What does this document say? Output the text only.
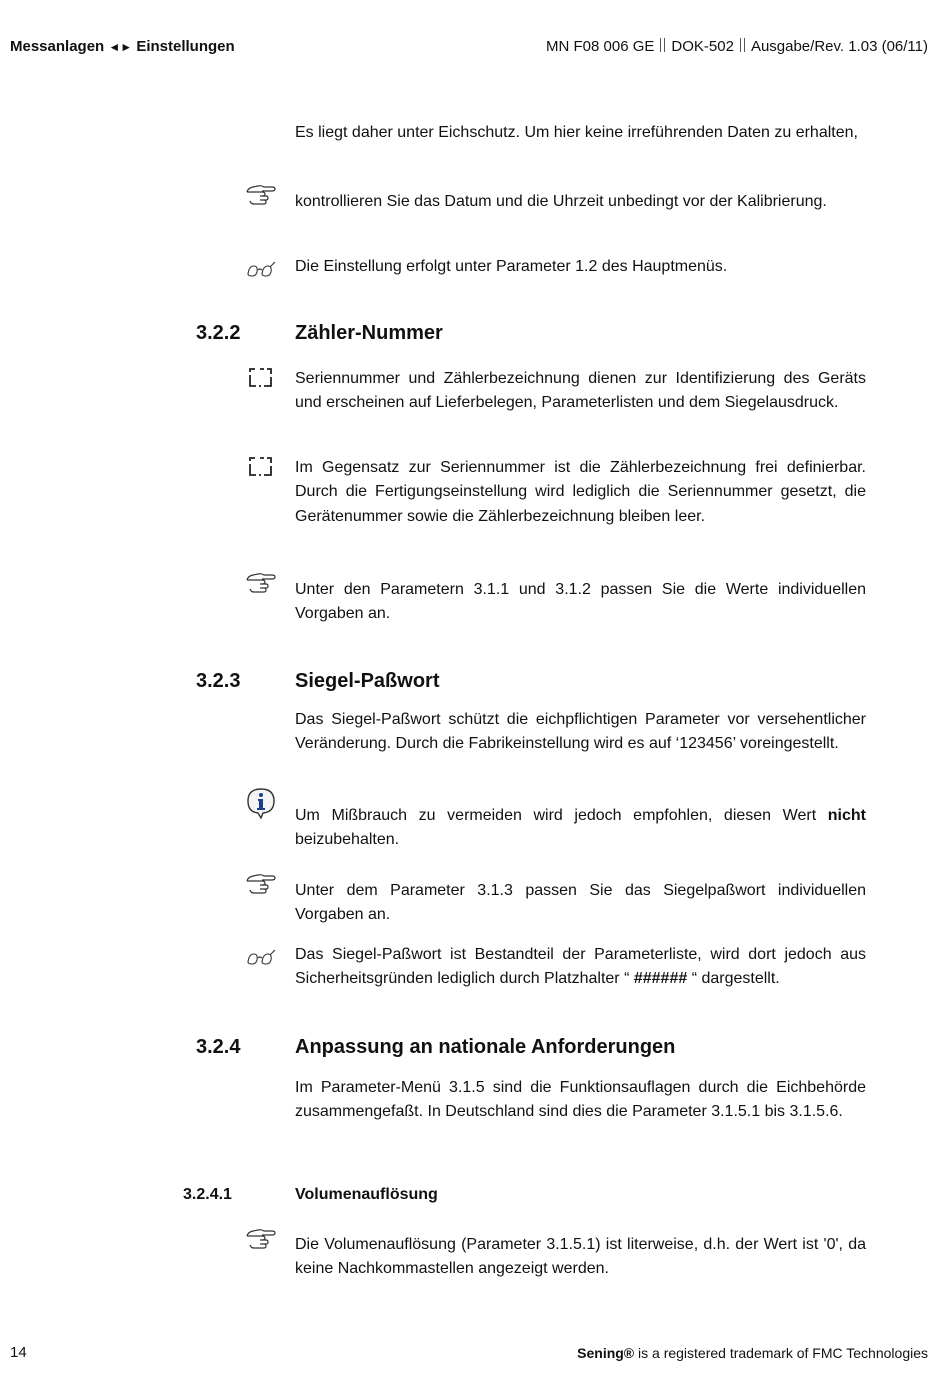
Messanlagen ◄► Einstellungen	MN F08 006 GE DOK-502 Ausgabe/Rev. 1.03 (06/11)
Es liegt daher unter Eichschutz. Um hier keine irreführenden Daten zu erhalten,
kontrollieren Sie das Datum und die Uhrzeit unbedingt vor der Kalibrierung.
Die Einstellung erfolgt unter Parameter 1.2 des Hauptmenüs.
3.2.2	Zähler-Nummer
Seriennummer und Zählerbezeichnung dienen zur Identifizierung des Geräts und erscheinen auf Lieferbelegen, Parameterlisten und dem Siegelausdruck.
Im Gegensatz zur Seriennummer ist die Zählerbezeichnung frei definierbar. Durch die Fertigungseinstellung wird lediglich die Seriennummer gesetzt, die Gerätenummer sowie die Zählerbezeichnung bleiben leer.
Unter den Parametern 3.1.1 und 3.1.2 passen Sie die Werte individuellen Vorgaben an.
3.2.3	Siegel-Paßwort
Das Siegel-Paßwort schützt die eichpflichtigen Parameter vor versehentlicher Veränderung. Durch die Fabrikeinstellung wird es auf ‘123456’ voreingestellt.
Um Mißbrauch zu vermeiden wird jedoch empfohlen, diesen Wert nicht beizubehalten.
Unter dem Parameter 3.1.3 passen Sie das Siegelpaßwort individuellen Vorgaben an.
Das Siegel-Paßwort ist Bestandteil der Parameterliste, wird dort jedoch aus Sicherheitsgründen lediglich durch Platzhalter “ ###### “ dargestellt.
3.2.4	Anpassung an nationale Anforderungen
Im Parameter-Menü 3.1.5 sind die Funktionsauflagen durch die Eichbehörde zusammengefaßt. In Deutschland sind dies die Parameter 3.1.5.1 bis 3.1.5.6.
3.2.4.1	Volumenauflösung
Die Volumenauflösung (Parameter 3.1.5.1) ist literweise, d.h. der Wert ist '0', da keine Nachkommastellen angezeigt werden.
14	Sening® is a registered trademark of FMC Technologies
